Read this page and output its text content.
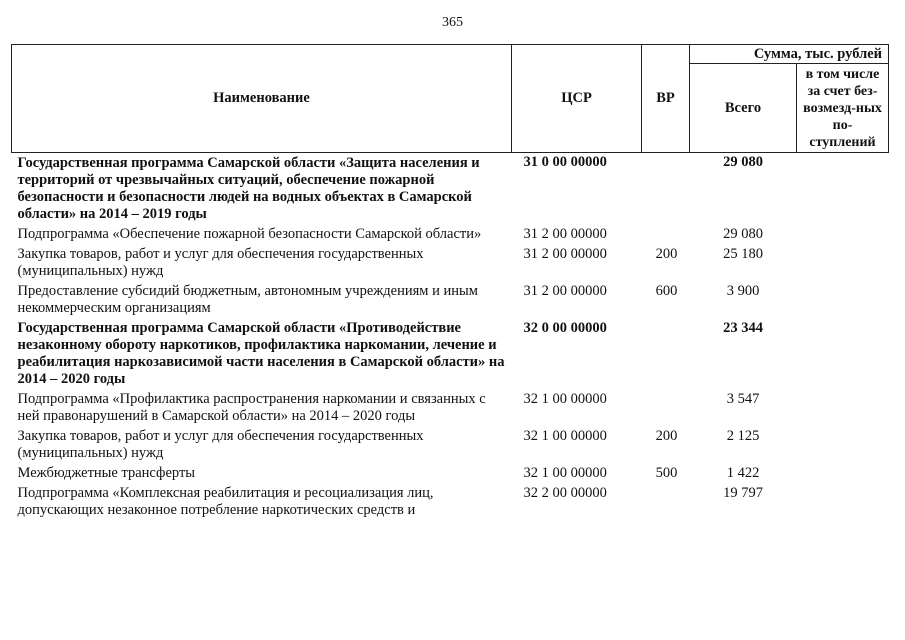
365
Наименование	ЦСР	ВР	Сумма, тыс. рублей	
			Всего	в том числе за счет без-возмезд-ных по-ступлений
Государственная программа Самарской области «Защита населения и территорий от чрезвычайных ситуаций, обеспечение пожарной безопасности и безопасности людей на водных объектах в Самарской области» на 2014 – 2019 годы	31 0 00 00000		29 080	
Подпрограмма «Обеспечение пожарной безопасности Самарской области»	31 2 00 00000		29 080	
Закупка товаров, работ и услуг для обеспечения государственных (муниципальных) нужд	31 2 00 00000	200	25 180	
Предоставление субсидий бюджетным, автономным учреждениям и иным некоммерческим организациям	31 2 00 00000	600	3 900	
Государственная программа Самарской области «Противодействие незаконному обороту наркотиков, профилактика наркомании, лечение и реабилитация наркозависимой части населения в Самарской области» на 2014 – 2020 годы	32 0 00 00000		23 344	
Подпрограмма «Профилактика распространения наркомании и связанных с ней правонарушений в Самарской области» на 2014 – 2020 годы	32 1 00 00000		3 547	
Закупка товаров, работ и услуг для обеспечения государственных (муниципальных) нужд	32 1 00 00000	200	2 125	
Межбюджетные трансферты	32 1 00 00000	500	1 422	
Подпрограмма «Комплексная реабилитация и ресоциализация лиц, допускающих незаконное потребление наркотических средств и	32 2 00 00000		19 797	
